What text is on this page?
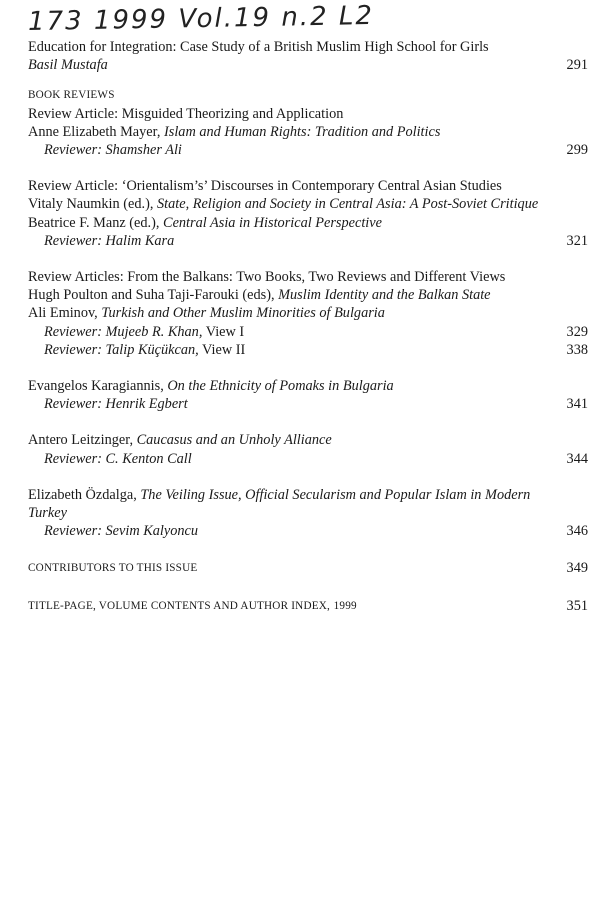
173 1999 Vol.19 n.2 L2
Education for Integration: Case Study of a British Muslim High School for Girls
Basil Mustafa	291
BOOK REVIEWS
Review Article: Misguided Theorizing and Application
Anne Elizabeth Mayer, Islam and Human Rights: Tradition and Politics
Reviewer: Shamsher Ali	299
Review Article: ‘Orientalism’s’ Discourses in Contemporary Central Asian Studies
Vitaly Naumkin (ed.), State, Religion and Society in Central Asia: A Post-Soviet Critique
Beatrice F. Manz (ed.), Central Asia in Historical Perspective
Reviewer: Halim Kara	321
Review Articles: From the Balkans: Two Books, Two Reviews and Different Views
Hugh Poulton and Suha Taji-Farouki (eds), Muslim Identity and the Balkan State
Ali Eminov, Turkish and Other Muslim Minorities of Bulgaria
Reviewer: Mujeeb R. Khan, View I	329
Reviewer: Talip Küçükcan, View II	338
Evangelos Karagiannis, On the Ethnicity of Pomaks in Bulgaria
Reviewer: Henrik Egbert	341
Antero Leitzinger, Caucasus and an Unholy Alliance
Reviewer: C. Kenton Call	344
Elizabeth Özdalga, The Veiling Issue, Official Secularism and Popular Islam in Modern Turkey
Reviewer: Sevim Kalyoncu	346
CONTRIBUTORS TO THIS ISSUE	349
TITLE-PAGE, VOLUME CONTENTS AND AUTHOR INDEX, 1999	351
